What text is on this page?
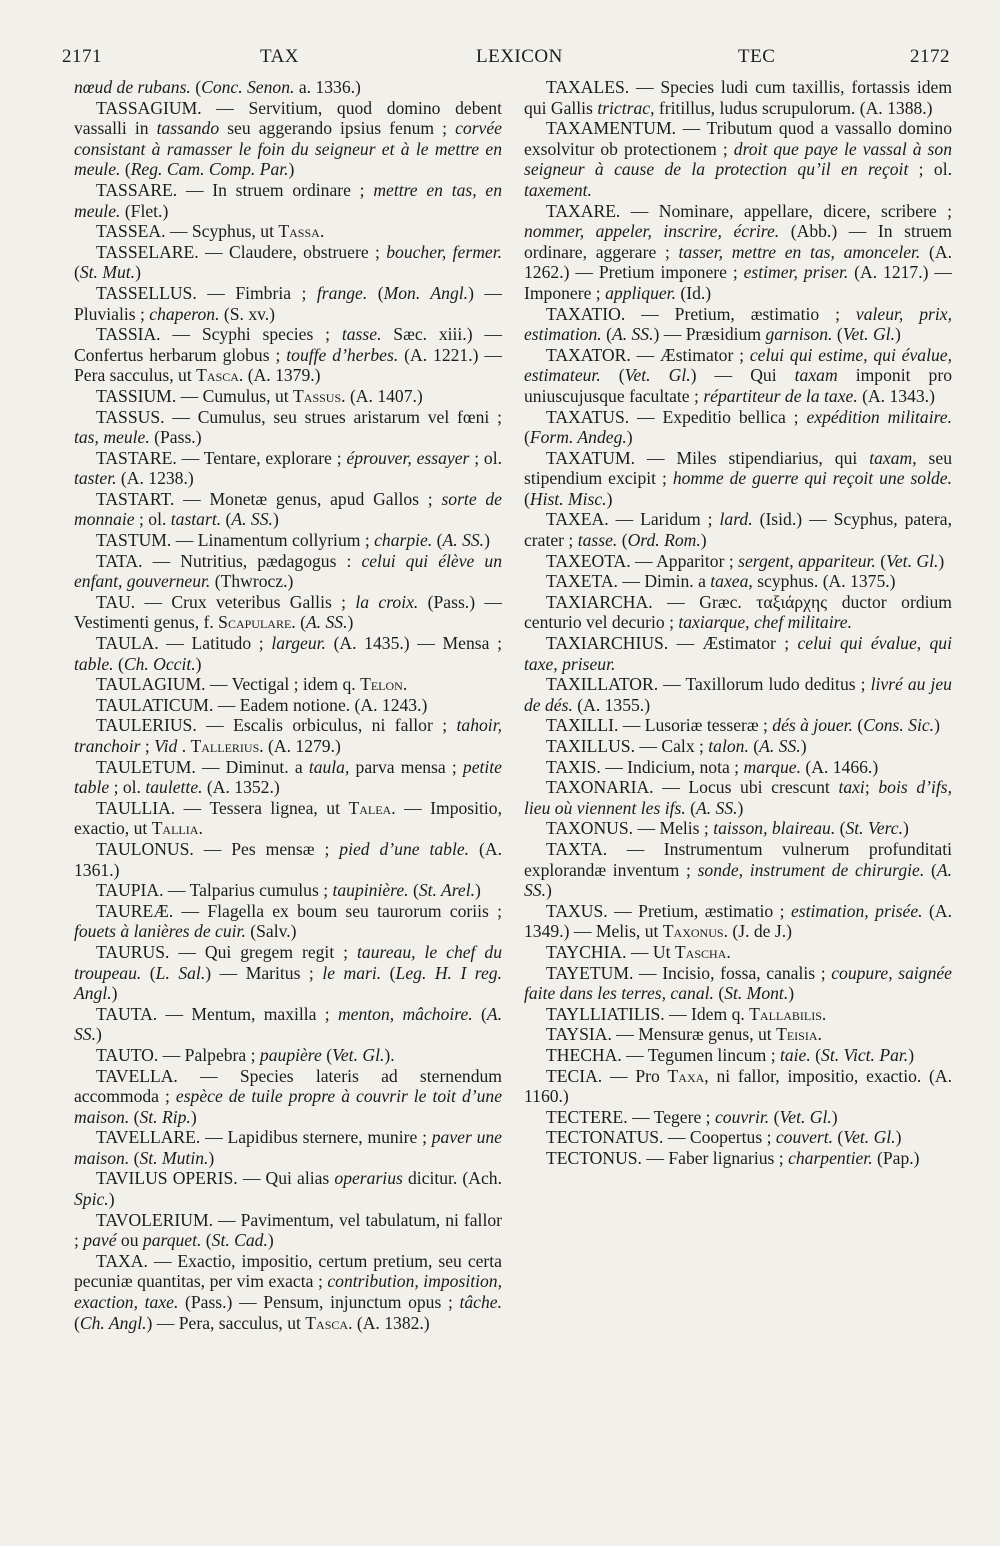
2171	TAX	LEXICON	TEC	2172

nœud de rubans. (Conc. Senon. a. 1336.)

TASSAGIUM. — Servitium, quod domino debent vassalli in tassando seu aggerando ipsius fenum ; corvée consistant à ramasser le foin du seigneur et à le mettre en meule. (Reg. Cam. Comp. Par.)

TASSARE. — In struem ordinare ; mettre en tas, en meule. (Flet.)

TASSEA. — Scyphus, ut Tassa.

TASSELARE. — Claudere, obstruere ; boucher, fermer. (St. Mut.)

TASSELLUS. — Fimbria ; frange. (Mon. Angl.) — Pluvialis ; chaperon. (S. xv.)

TASSIA. — Scyphi species ; tasse. Sæc. xiii.) — Confertus herbarum globus ; touffe d’herbes. (A. 1221.) — Pera sacculus, ut Tasca. (A. 1379.)

TASSIUM. — Cumulus, ut Tassus. (A. 1407.)

TASSUS. — Cumulus, seu strues aristarum vel fœni ; tas, meule. (Pass.)

TASTARE. — Tentare, explorare ; éprouver, essayer ; ol. taster. (A. 1238.)

TASTART. — Monetæ genus, apud Gallos ; sorte de monnaie ; ol. tastart. (A. SS.)

TASTUM. — Linamentum collyrium ; charpie. (A. SS.)

TATA. — Nutritius, pædagogus : celui qui élève un enfant, gouverneur. (Thwrocz.)

TAU. — Crux veteribus Gallis ; la croix. (Pass.) — Vestimenti genus, f. Scapulare. (A. SS.)

TAULA. — Latitudo ; largeur. (A. 1435.) — Mensa ; table. (Ch. Occit.)

TAULAGIUM. — Vectigal ; idem q. Telon.

TAULATICUM. — Eadem notione. (A. 1243.)

TAULERIUS. — Escalis orbiculus, ni fallor ; tahoir, tranchoir ; Vid . Tallerius. (A. 1279.)

TAULETUM. — Diminut. a taula, parva mensa ; petite table ; ol. taulette. (A. 1352.)

TAULLIA. — Tessera lignea, ut Talea. — Impositio, exactio, ut Tallia.

TAULONUS. — Pes mensæ ; pied d’une table. (A. 1361.)

TAUPIA. — Talparius cumulus ; taupinière. (St. Arel.)

TAUREÆ. — Flagella ex boum seu taurorum coriis ; fouets à lanières de cuir. (Salv.)

TAURUS. — Qui gregem regit ; taureau, le chef du troupeau. (L. Sal.) — Maritus ; le mari. (Leg. H. I reg. Angl.)

TAUTA. — Mentum, maxilla ; menton, mâchoire. (A. SS.)

TAUTO. — Palpebra ; paupière (Vet. Gl.).

TAVELLA. — Species lateris ad sternendum accommoda ; espèce de tuile propre à couvrir le toit d’une maison. (St. Rip.)

TAVELLARE. — Lapidibus sternere, munire ; paver une maison. (St. Mutin.)

TAVILUS OPERIS. — Qui alias operarius dicitur. (Ach. Spic.)

TAVOLERIUM. — Pavimentum, vel tabulatum, ni fallor ; pavé ou parquet. (St. Cad.)

TAXA. — Exactio, impositio, certum pretium, seu certa pecuniæ quantitas, per vim exacta ; contribution, imposition, exaction, taxe. (Pass.) — Pensum, injunctum opus ; tâche. (Ch. Angl.) — Pera, sacculus, ut Tasca. (A. 1382.)

TAXALES. — Species ludi cum taxillis, fortassis idem qui Gallis trictrac, fritillus, ludus scrupulorum. (A. 1388.)

TAXAMENTUM. — Tributum quod a vassallo domino exsolvitur ob protectionem ; droit que paye le vassal à son seigneur à cause de la protection qu’il en reçoit ; ol. taxement.

TAXARE. — Nominare, appellare, dicere, scribere ; nommer, appeler, inscrire, écrire. (Abb.) — In struem ordinare, aggerare ; tasser, mettre en tas, amonceler. (A. 1262.) — Pretium imponere ; estimer, priser. (A. 1217.) — Imponere ; appliquer. (Id.)

TAXATIO. — Pretium, æstimatio ; valeur, prix, estimation. (A. SS.) — Præsidium garnison. (Vet. Gl.)

TAXATOR. — Æstimator ; celui qui estime, qui évalue, estimateur. (Vet. Gl.) — Qui taxam imponit pro uniuscujusque facultate ; répartiteur de la taxe. (A. 1343.)

TAXATUS. — Expeditio bellica ; expédition militaire. (Form. Andeg.)

TAXATUM. — Miles stipendiarius, qui taxam, seu stipendium excipit ; homme de guerre qui reçoit une solde. (Hist. Misc.)

TAXEA. — Laridum ; lard. (Isid.) — Scyphus, patera, crater ; tasse. (Ord. Rom.)

TAXEOTA. — Apparitor ; sergent, appariteur. (Vet. Gl.)

TAXETA. — Dimin. a taxea, scyphus. (A. 1375.)

TAXIARCHA. — Græc. ταξιάρχης ductor ordium centurio vel decurio ; taxiarque, chef militaire.

TAXIARCHIUS. — Æstimator ; celui qui évalue, qui taxe, priseur.

TAXILLATOR. — Taxillorum ludo deditus ; livré au jeu de dés. (A. 1355.)

TAXILLI. — Lusoriæ tesseræ ; dés à jouer. (Cons. Sic.)

TAXILLUS. — Calx ; talon. (A. SS.)

TAXIS. — Indicium, nota ; marque. (A. 1466.)

TAXONARIA. — Locus ubi crescunt taxi; bois d’ifs, lieu où viennent les ifs. (A. SS.)

TAXONUS. — Melis ; taisson, blaireau. (St. Verc.)

TAXTA. — Instrumentum vulnerum profunditati explorandæ inventum ; sonde, instrument de chirurgie. (A. SS.)

TAXUS. — Pretium, æstimatio ; estimation, prisée. (A. 1349.) — Melis, ut Taxonus. (J. de J.)

TAYCHIA. — Ut Tascha.

TAYETUM. — Incisio, fossa, canalis ; coupure, saignée faite dans les terres, canal. (St. Mont.)

TAYLLIATILIS. — Idem q. Tallabilis.

TAYSIA. — Mensuræ genus, ut Teisia.

THECHA. — Tegumen lincum ; taie. (St. Vict. Par.)

TECIA. — Pro Taxa, ni fallor, impositio, exactio. (A. 1160.)

TECTERE. — Tegere ; couvrir. (Vet. Gl.)

TECTONATUS. — Coopertus ; couvert. (Vet. Gl.)

TECTONUS. — Faber lignarius ; charpentier. (Pap.)
